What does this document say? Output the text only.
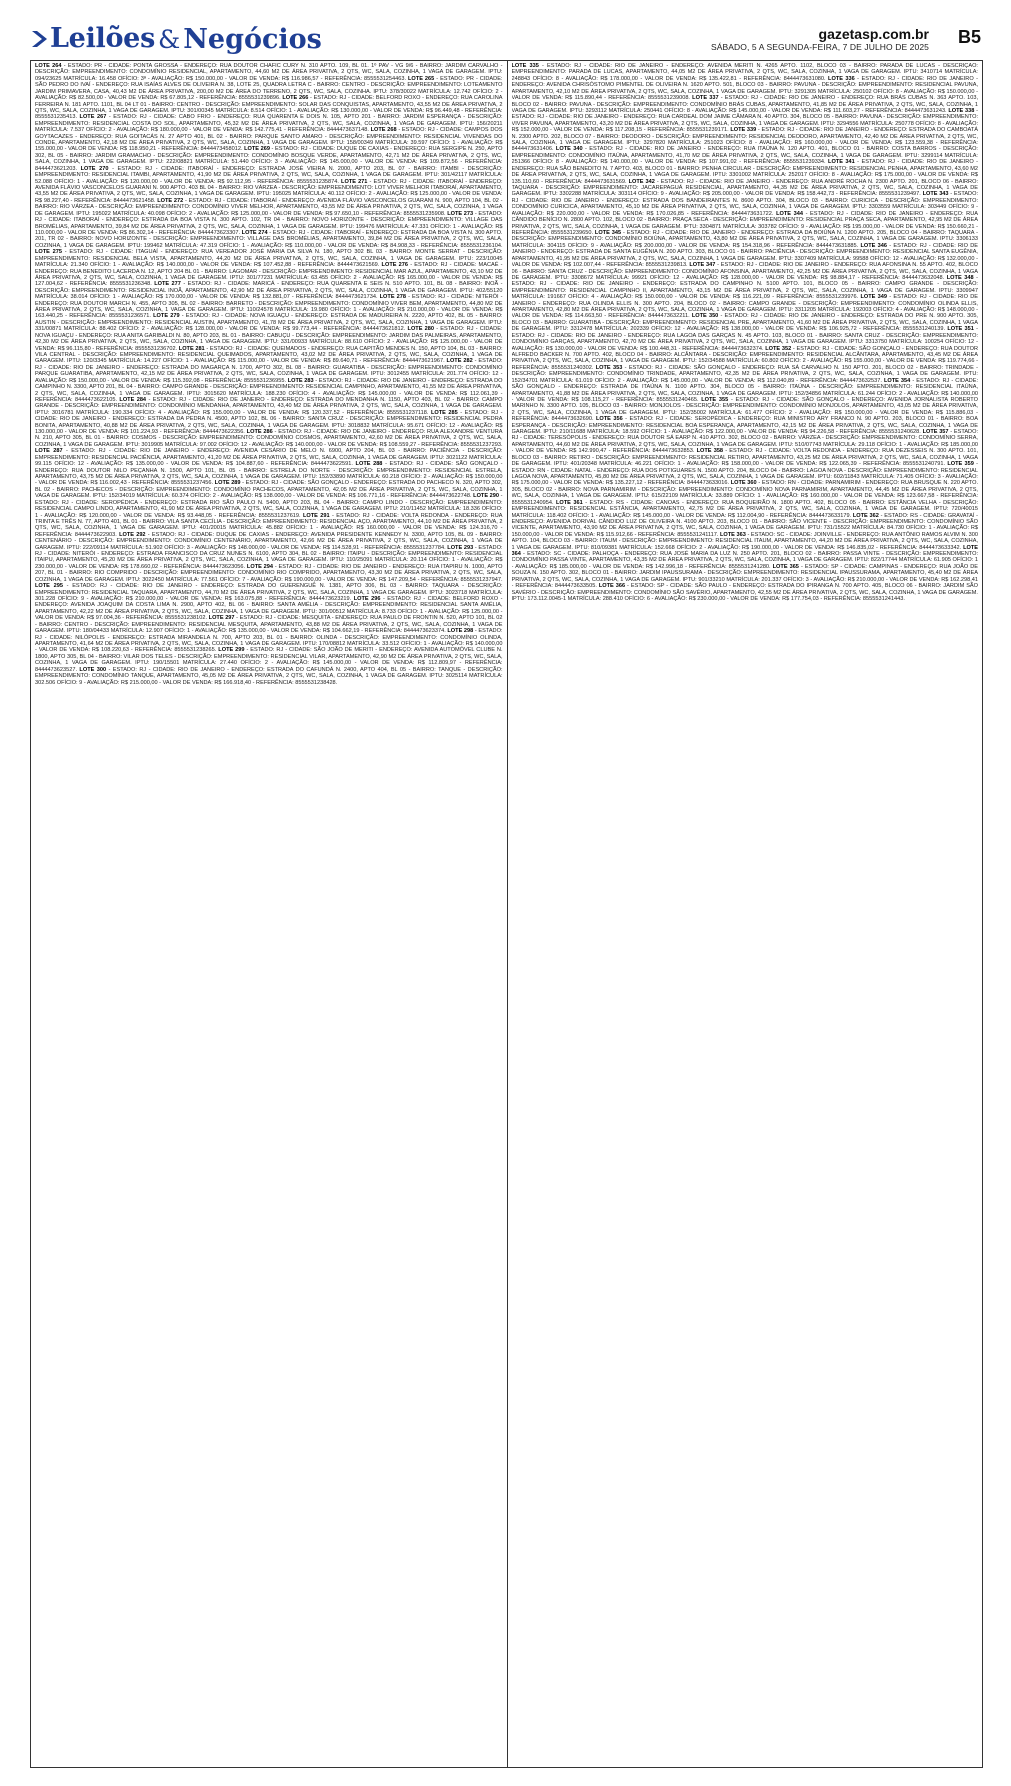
Leilões & Negócios	gazetasp.com.br B5
SÁBADO, 5 A SEGUNDA-FEIRA, 7 DE JULHO DE 2025
LOTE 264 - ESTADO: PR - CIDADE: PONTA GROSSA - ENDEREÇO: RUA DOUTOR CHAFIC CURY N. 310 APTO. 109, BL 01. 1º PAV - VG 9/6 - BAIRRO: JARDIM CARVALHO - DESCRIÇÃO: EMPREENDIMENTO: CONDOMÍNIO RESIDENCIAL, APARTAMENTO, 44,60 M2 DE ÁREA PRIVATIVA, 2 QTS, WC, SALA, COZINHA, 1 VAGA DE GARAGEM. IPTU: 094/23625 MATRÍCULA: 16.458 OFÍCIO: 3ª - AVALIAÇÃO: R$ 150.000,00 - VALOR DE VENDA: R$ 116.986,57 - REFERÊNCIA: 8555531254463. LOTE 265 - ESTADO: PR - CIDADE: SÃO PEDRO DO IVAÍ - ENDEREÇO: RUA ISAÍAS ALVES DE OLIVEIRA N. 38, LOTE 25, QUADRA LETRA C - BAIRRO: CENTRO - DESCRIÇÃO: EMPREENDIMENTO: LOTEAMENTO JARDIM PRIMAVERA, CASA, 40,43 M2 DE ÁREA PRIVATIVA, 200,00 M2 DE ÁREA DO TERRENO, 2 QTS, WC, SALA, COZINHA. IPTU: 378/30022 MATRÍCULA: 12.742 OFÍCIO: 2 - AVALIAÇÃO: R$ 82.500,00 - VALOR DE VENDA: R$ 67.805,12 - REFERÊNCIA: 8555531239896. LOTE 266 - ESTADO: RJ - CIDADE: BELFORD ROXO - ENDEREÇO: RUA CAROLINA FERREIRA N. 181 APTO. 1101, BL 04 LT 01 - BAIRRO: CENTRO - DESCRIÇÃO: EMPREENDIMENTO: SOLAR DAS CONQUISTAS, APARTAMENTO, 43,55 M2 DE ÁREA PRIVATIVA, 2 QTS, WC, SALA, COZINHA, 1 VAGA DE GARAGEM. IPTU: 301/00345 MATRÍCULA: 8.514 OFÍCIO: 1 - AVALIAÇÃO: R$ 130.000,00 - VALOR DE VENDA: R$ 96.449,48 - REFERÊNCIA: 8555531235413. LOTE 267 - ESTADO: RJ - CIDADE: CABO FRIO - ENDEREÇO: RUA QUARENTA E DOIS N. 105, APTO 201 - BAIRRO: JARDIM ESPERANÇA - DESCRIÇÃO: EMPREENDIMENTO: RESIDENCIAL COSTA DO SOL, APARTAMENTO, 45,32 M2 DE ÁREA PRIVATIVA, 2 QTS, WC, SALA, COZINHA, 1 VAGA DE GARAGEM. IPTU: 156/20211 MATRÍCULA: 7.537 OFÍCIO: 2 - AVALIAÇÃO: R$ 180.000,00 - VALOR DE VENDA: R$ 142.775,41 - REFERÊNCIA: 8444473637148. LOTE 268 - ESTADO: RJ - CIDADE: CAMPOS DOS GOYTACAZES - ENDEREÇO: RUA GOITACÁS N. 27 APTO 401, BL 02 - BAIRRO: PARQUE SANTO AMARO - DESCRIÇÃO: EMPREENDIMENTO: RESIDENCIAL VIVENDAS DO CONDE, APARTAMENTO, 42,18 M2 DE ÁREA PRIVATIVA, 2 QTS, WC, SALA, COZINHA, 1 VAGA DE GARAGEM. IPTU: 158/00349 MATRÍCULA: 39.597 OFÍCIO: 1 - AVALIAÇÃO: R$ 155.000,00 - VALOR DE VENDA: R$ 118.950,21 - REFERÊNCIA: 8444473458012. LOTE 269 - ESTADO: RJ - CIDADE: DUQUE DE CAXIAS - ENDEREÇO: RUA SERGIPE N. 250, APTO 302, BL 05 - BAIRRO: JARDIM GRAMACHO - DESCRIÇÃO: EMPREENDIMENTO: CONDOMÍNIO BOSQUE VERDE, APARTAMENTO, 42,71 M2 DE ÁREA PRIVATIVA, 2 QTS, WC, SALA, COZINHA, 1 VAGA DE GARAGEM. IPTU: 222/08821 MATRÍCULA: 51.440 OFÍCIO: 3 - AVALIAÇÃO: R$ 145.000,00 - VALOR DE VENDA: R$ 109.872,56 - REFERÊNCIA: 8444473621203. LOTE 270 - ESTADO: RJ - CIDADE: ITABORAÍ - ENDEREÇO: ESTRADA JOSÉ VIEIRA N. 2000, APTO 203, BL 07 - BAIRRO: ITAMBI - DESCRIÇÃO: EMPREENDIMENTO: RESIDENCIAL ITAMBI, APARTAMENTO, 41,90 M2 DE ÁREA PRIVATIVA, 2 QTS, WC, SALA, COZINHA, 1 VAGA DE GARAGEM. IPTU: 301/42117 MATRÍCULA: 52.088 OFÍCIO: 1 - AVALIAÇÃO: R$ 120.000,00 - VALOR DE VENDA: R$ 92.112,95 - REFERÊNCIA: 8555531235874. LOTE 271 - ESTADO: RJ - CIDADE: ITABORAÍ - ENDEREÇO: AVENIDA FLÁVIO VASCONCELOS GUARANI N. 900 APTO. 403 BL 04 - BAIRRO: RIO VÁRZEA - DESCRIÇÃO: EMPREENDIMENTO: LOT VIVER MELHOR ITABORAÍ, APARTAMENTO, 43,55 M2 DE ÁREA PRIVATIVA, 2 QTS, WC, SALA, COZINHA, 1 VAGA DE GARAGEM. IPTU: 195025 MATRÍCULA: 40.112 OFÍCIO: 2 - AVALIAÇÃO: R$ 125.000,00 - VALOR DE VENDA: R$ 98.227,40 - REFERÊNCIA: 8444473621458. LOTE 272 - ESTADO: RJ - CIDADE: ITABORAÍ - ENDEREÇO: AVENIDA FLÁVIO VASCONCELOS GUARANI N. 900, APTO 104, BL 02 - BAIRRO: RIO VÁRZEA - DESCRIÇÃO: EMPREENDIMENTO: CONDOMÍNIO VIVER MELHOR, APARTAMENTO, 43,55 M2 DE ÁREA PRIVATIVA, 2 QTS, WC, SALA, COZINHA, 1 VAGA DE GARAGEM. IPTU: 195022 MATRÍCULA: 40.098 OFÍCIO: 2 - AVALIAÇÃO: R$ 125.000,00 - VALOR DE VENDA: R$ 97.650,10 - REFERÊNCIA: 8555531235908. LOTE 273 - ESTADO: RJ - CIDADE: ITABORAÍ - ENDEREÇO: ESTRADA DA BOA VISTA N. 300 APTO. 102, TR 04 - BAIRRO: NOVO HORIZONTE - DESCRIÇÃO: EMPREENDIMENTO: VILLAGE DAS BROMÉLIAS, APARTAMENTO, 39,84 M2 DE ÁREA PRIVATIVA, 2 QTS, WC, SALA, COZINHA, 1 VAGA DE GARAGEM. IPTU: 199476 MATRÍCULA: 47.331 OFÍCIO: 1 - AVALIAÇÃO: R$ 110.000,00 - VALOR DE VENDA: R$ 86.302,14 - REFERÊNCIA: 8444473623307. LOTE 274 - ESTADO: RJ - CIDADE: ITABORAÍ - ENDEREÇO: ESTRADA DA BOA VISTA N. 300 APTO. 201, TR 02 - BAIRRO: NOVO HORIZONTE - DESCRIÇÃO: EMPREENDIMENTO: VILLAGE DAS BROMÉLIAS, APARTAMENTO, 39,84 M2 DE ÁREA PRIVATIVA, 2 QTS, WC, SALA, COZINHA, 1 VAGA DE GARAGEM. IPTU: 199462 MATRÍCULA: 47.319 OFÍCIO: 1 - AVALIAÇÃO: R$ 110.000,00 - VALOR DE VENDA: R$ 84.908,33 - REFERÊNCIA: 8555531236104. LOTE 275 - ESTADO: RJ - CIDADE: ITAGUAÍ - ENDEREÇO: RUA VEREADOR JOSÉ MARIA DA SILVA N. 180, APTO 302 BL 03 - BAIRRO: MONTE SERRAT - DESCRIÇÃO: EMPREENDIMENTO: RESIDENCIAL BELA VISTA, APARTAMENTO, 44,20 M2 DE ÁREA PRIVATIVA, 2 QTS, WC, SALA, COZINHA, 1 VAGA DE GARAGEM. IPTU: 223/10045 MATRÍCULA: 21.340 OFÍCIO: 1 - AVALIAÇÃO: R$ 140.000,00 - VALOR DE VENDA: R$ 107.452,88 - REFERÊNCIA: 8444473621569. LOTE 276 - ESTADO: RJ - CIDADE: MACAÉ - ENDEREÇO: RUA BENEDITO LACERDA N. 12, APTO 204 BL 01 - BAIRRO: LAGOMAR - DESCRIÇÃO: EMPREENDIMENTO: RESIDENCIAL MAR AZUL, APARTAMENTO, 43,10 M2 DE ÁREA PRIVATIVA, 2 QTS, WC, SALA, COZINHA, 1 VAGA DE GARAGEM. IPTU: 301/77231 MATRÍCULA: 63.455 OFÍCIO: 2 - AVALIAÇÃO: R$ 165.000,00 - VALOR DE VENDA: R$ 127.004,62 - REFERÊNCIA: 8555531236348. LOTE 277 - ESTADO: RJ - CIDADE: MARICÁ - ENDEREÇO: RUA QUARENTA E SEIS N. 510 APTO. 101, BL 08 - BAIRRO: INOÃ - DESCRIÇÃO: EMPREENDIMENTO: RESIDENCIAL INOÃ, APARTAMENTO, 42,90 M2 DE ÁREA PRIVATIVA, 2 QTS, WC, SALA, COZINHA, 1 VAGA DE GARAGEM. IPTU: 402/55120 MATRÍCULA: 38.014 OFÍCIO: 1 - AVALIAÇÃO: R$ 170.000,00 - VALOR DE VENDA: R$ 132.881,07 - REFERÊNCIA: 8444473621734. LOTE 278 - ESTADO: RJ - CIDADE: NITERÓI - ENDEREÇO: RUA DOUTOR MARCH N. 455, APTO 305, BL 02 - BAIRRO: BARRETO - DESCRIÇÃO: EMPREENDIMENTO: CONDOMÍNIO VIVER BEM, APARTAMENTO, 44,80 M2 DE ÁREA PRIVATIVA, 2 QTS, WC, SALA, COZINHA, 1 VAGA DE GARAGEM. IPTU: 110/24578 MATRÍCULA: 19.980 OFÍCIO: 1 - AVALIAÇÃO: R$ 210.000,00 - VALOR DE VENDA: R$ 163.440,25 - REFERÊNCIA: 8555531236571. LOTE 279 - ESTADO: RJ - CIDADE: NOVA IGUAÇU - ENDEREÇO: ESTRADA DE MADUREIRA N. 2220, APTO 402, BL 05 - BAIRRO: AUSTIN - DESCRIÇÃO: EMPREENDIMENTO: RESIDENCIAL AUSTIN, APARTAMENTO, 41,78 M2 DE ÁREA PRIVATIVA, 2 QTS, WC, SALA, COZINHA, 1 VAGA DE GARAGEM. IPTU: 331/00871 MATRÍCULA: 88.402 OFÍCIO: 2 - AVALIAÇÃO: R$ 128.000,00 - VALOR DE VENDA: R$ 99.773,44 - REFERÊNCIA: 8444473621812. LOTE 280 - ESTADO: RJ - CIDADE: NOVA IGUAÇU - ENDEREÇO: RUA ANITA GARIBALDI N. 80, APTO 203, BL 01 - BAIRRO: CABUÇU - DESCRIÇÃO: EMPREENDIMENTO: JARDIM DAS PALMEIRAS, APARTAMENTO, 42,30 M2 DE ÁREA PRIVATIVA, 2 QTS, WC, SALA, COZINHA, 1 VAGA DE GARAGEM. IPTU: 331/00933 MATRÍCULA: 88.610 OFÍCIO: 2 - AVALIAÇÃO: R$ 125.000,00 - VALOR DE VENDA: R$ 96.115,80 - REFERÊNCIA: 8555531236702. LOTE 281 - ESTADO: RJ - CIDADE: QUEIMADOS - ENDEREÇO: RUA CAPITÃO MENDES N. 150, APTO 104, BL 03 - BAIRRO: VILA CENTRAL - DESCRIÇÃO: EMPREENDIMENTO: RESIDENCIAL QUEIMADOS, APARTAMENTO, 43,02 M2 DE ÁREA PRIVATIVA, 2 QTS, WC, SALA, COZINHA, 1 VAGA DE GARAGEM. IPTU: 120/3345 MATRÍCULA: 14.227 OFÍCIO: 1 - AVALIAÇÃO: R$ 115.000,00 - VALOR DE VENDA: R$ 89.640,71 - REFERÊNCIA: 8444473621967. LOTE 282 - ESTADO: RJ - CIDADE: RIO DE JANEIRO - ENDEREÇO: ESTRADA DO MAGARÇA N. 1700, APTO 302, BL 08 - BAIRRO: GUARATIBA - DESCRIÇÃO: EMPREENDIMENTO: CONDOMÍNIO PARQUE GUARATIBA, APARTAMENTO, 42,15 M2 DE ÁREA PRIVATIVA, 2 QTS, WC, SALA, COZINHA, 1 VAGA DE GARAGEM. IPTU: 3012455 MATRÍCULA: 201.774 OFÍCIO: 12 - AVALIAÇÃO: R$ 150.000,00 - VALOR DE VENDA: R$ 115.392,08 - REFERÊNCIA: 8555531236955. LOTE 283 - ESTADO: RJ - CIDADE: RIO DE JANEIRO - ENDEREÇO: ESTRADA DO CAMPINHO N. 3300, APTO 201, BL 04 - BAIRRO: CAMPO GRANDE - DESCRIÇÃO: EMPREENDIMENTO: RESIDENCIAL CAMPINHO, APARTAMENTO, 41,55 M2 DE ÁREA PRIVATIVA, 2 QTS, WC, SALA, COZINHA, 1 VAGA DE GARAGEM. IPTU: 3015620 MATRÍCULA: 188.230 OFÍCIO: 4 - AVALIAÇÃO: R$ 145.000,00 - VALOR DE VENDA: R$ 112.061,39 - REFERÊNCIA: 8444473622105. LOTE 284 - ESTADO: RJ - CIDADE: RIO DE JANEIRO - ENDEREÇO: ESTRADA DO MENDANHA N. 1150, APTO 403, BL 02 - BAIRRO: CAMPO GRANDE - DESCRIÇÃO: EMPREENDIMENTO: CONDOMÍNIO MENDANHA, APARTAMENTO, 43,40 M2 DE ÁREA PRIVATIVA, 2 QTS, WC, SALA, COZINHA, 1 VAGA DE GARAGEM. IPTU: 3016781 MATRÍCULA: 190.334 OFÍCIO: 4 - AVALIAÇÃO: R$ 155.000,00 - VALOR DE VENDA: R$ 120.337,52 - REFERÊNCIA: 8555531237118. LOTE 285 - ESTADO: RJ - CIDADE: RIO DE JANEIRO - ENDEREÇO: ESTRADA DA PEDRA N. 4500, APTO 102, BL 06 - BAIRRO: SANTA CRUZ - DESCRIÇÃO: EMPREENDIMENTO: RESIDENCIAL PEDRA BONITA, APARTAMENTO, 40,88 M2 DE ÁREA PRIVATIVA, 2 QTS, WC, SALA, COZINHA, 1 VAGA DE GARAGEM. IPTU: 3018832 MATRÍCULA: 95.671 OFÍCIO: 12 - AVALIAÇÃO: R$ 130.000,00 - VALOR DE VENDA: R$ 101.224,93 - REFERÊNCIA: 8444473622356. LOTE 286 - ESTADO: RJ - CIDADE: RIO DE JANEIRO - ENDEREÇO: RUA ALEXANDRE VENTURA N. 210, APTO 305, BL 01 - BAIRRO: COSMOS - DESCRIÇÃO: EMPREENDIMENTO: CONDOMÍNIO COSMOS, APARTAMENTO, 42,60 M2 DE ÁREA PRIVATIVA, 2 QTS, WC, SALA, COZINHA, 1 VAGA DE GARAGEM. IPTU: 3019905 MATRÍCULA: 97.002 OFÍCIO: 12 - AVALIAÇÃO: R$ 140.000,00 - VALOR DE VENDA: R$ 108.559,27 - REFERÊNCIA: 8555531237293. LOTE 287 - ESTADO: RJ - CIDADE: RIO DE JANEIRO - ENDEREÇO: AVENIDA CESÁRIO DE MELO N. 6900, APTO 204, BL 03 - BAIRRO: PACIÊNCIA - DESCRIÇÃO: EMPREENDIMENTO: RESIDENCIAL PACIÊNCIA, APARTAMENTO, 41,20 M2 DE ÁREA PRIVATIVA, 2 QTS, WC, SALA, COZINHA, 1 VAGA DE GARAGEM. IPTU: 3021122 MATRÍCULA: 99.115 OFÍCIO: 12 - AVALIAÇÃO: R$ 135.000,00 - VALOR DE VENDA: R$ 104.887,60 - REFERÊNCIA: 8444473622591. LOTE 288 - ESTADO: RJ - CIDADE: SÃO GONÇALO - ENDEREÇO: RUA DOUTOR NILO PEÇANHA N. 1500, APTO 101, BL 05 - BAIRRO: ESTRELA DO NORTE - DESCRIÇÃO: EMPREENDIMENTO: RESIDENCIAL ESTRELA, APARTAMENTO, 43,75 M2 DE ÁREA PRIVATIVA, 2 QTS, WC, SALA, COZINHA, 1 VAGA DE GARAGEM. IPTU: 152/33890 MATRÍCULA: 60.218 OFÍCIO: 2 - AVALIAÇÃO: R$ 150.000,00 - VALOR DE VENDA: R$ 116.002,43 - REFERÊNCIA: 8555531237456. LOTE 289 - ESTADO: RJ - CIDADE: SÃO GONÇALO - ENDEREÇO: ESTRADA DO PACHECO N. 320, APTO 302, BL 02 - BAIRRO: PACHECOS - DESCRIÇÃO: EMPREENDIMENTO: CONDOMÍNIO PACHECOS, APARTAMENTO, 42,05 M2 DE ÁREA PRIVATIVA, 2 QTS, WC, SALA, COZINHA, 1 VAGA DE GARAGEM. IPTU: 152/34019 MATRÍCULA: 60.374 OFÍCIO: 2 - AVALIAÇÃO: R$ 138.000,00 - VALOR DE VENDA: R$ 106.771,16 - REFERÊNCIA: 8444473622748. LOTE 290 - ESTADO: RJ - CIDADE: SEROPÉDICA - ENDEREÇO: ESTRADA RIO SÃO PAULO N. 5400, APTO 203, BL 04 - BAIRRO: CAMPO LINDO - DESCRIÇÃO: EMPREENDIMENTO: RESIDENCIAL CAMPO LINDO, APARTAMENTO, 41,90 M2 DE ÁREA PRIVATIVA, 2 QTS, WC, SALA, COZINHA, 1 VAGA DE GARAGEM. IPTU: 210/11452 MATRÍCULA: 18.336 OFÍCIO: 1 - AVALIAÇÃO: R$ 120.000,00 - VALOR DE VENDA: R$ 93.448,05 - REFERÊNCIA: 8555531237619. LOTE 291 - ESTADO: RJ - CIDADE: VOLTA REDONDA - ENDEREÇO: RUA TRINTA E TRÊS N. 77, APTO 401, BL 01 - BAIRRO: VILA SANTA CECÍLIA - DESCRIÇÃO: EMPREENDIMENTO: RESIDENCIAL AÇO, APARTAMENTO, 44,10 M2 DE ÁREA PRIVATIVA, 2 QTS, WC, SALA, COZINHA, 1 VAGA DE GARAGEM. IPTU: 401/20015 MATRÍCULA: 45.882 OFÍCIO: 1 - AVALIAÇÃO: R$ 160.000,00 - VALOR DE VENDA: R$ 124.316,70 - REFERÊNCIA: 8444473622903. LOTE 292 - ESTADO: RJ - CIDADE: DUQUE DE CAXIAS - ENDEREÇO: AVENIDA PRESIDENTE KENNEDY N. 3300, APTO 105, BL 09 - BAIRRO: CENTENÁRIO - DESCRIÇÃO: EMPREENDIMENTO: CONDOMÍNIO CENTENÁRIO, APARTAMENTO, 42,66 M2 DE ÁREA PRIVATIVA, 2 QTS, WC, SALA, COZINHA, 1 VAGA DE GARAGEM. IPTU: 222/09114 MATRÍCULA: 51.902 OFÍCIO: 3 - AVALIAÇÃO: R$ 148.000,00 - VALOR DE VENDA: R$ 114.528,91 - REFERÊNCIA: 8555531237784. LOTE 293 - ESTADO: RJ - CIDADE: NITERÓI - ENDEREÇO: ESTRADA FRANCISCO DA CRUZ NUNES N. 6100, APTO 304, BL 02 - BAIRRO: ITAIPU - DESCRIÇÃO: EMPREENDIMENTO: RESIDENCIAL ITAIPU, APARTAMENTO, 45,20 M2 DE ÁREA PRIVATIVA, 2 QTS, WC, SALA, COZINHA, 1 VAGA DE GARAGEM. IPTU: 110/25091 MATRÍCULA: 20.114 OFÍCIO: 1 - AVALIAÇÃO: R$ 230.000,00 - VALOR DE VENDA: R$ 178.660,02 - REFERÊNCIA: 8444473623056. LOTE 294 - ESTADO: RJ - CIDADE: RIO DE JANEIRO - ENDEREÇO: RUA ITAPIRU N. 1000, APTO 207, BL 01 - BAIRRO: RIO COMPRIDO - DESCRIÇÃO: EMPREENDIMENTO: CONDOMÍNIO RIO COMPRIDO, APARTAMENTO, 43,30 M2 DE ÁREA PRIVATIVA, 2 QTS, WC, SALA, COZINHA, 1 VAGA DE GARAGEM. IPTU: 3022450 MATRÍCULA: 77.561 OFÍCIO: 7 - AVALIAÇÃO: R$ 190.000,00 - VALOR DE VENDA: R$ 147.209,54 - REFERÊNCIA: 8555531237947. LOTE 295 - ESTADO: RJ - CIDADE: RIO DE JANEIRO - ENDEREÇO: ESTRADA DO GUERENGUÊ N. 1381, APTO 306, BL 03 - BAIRRO: TAQUARA - DESCRIÇÃO: EMPREENDIMENTO: RESIDENCIAL TAQUARA, APARTAMENTO, 44,70 M2 DE ÁREA PRIVATIVA, 2 QTS, WC, SALA, COZINHA, 1 VAGA DE GARAGEM. IPTU: 3023718 MATRÍCULA: 301.228 OFÍCIO: 9 - AVALIAÇÃO: R$ 210.000,00 - VALOR DE VENDA: R$ 163.075,88 - REFERÊNCIA: 8444473623219. LOTE 296 - ESTADO: RJ - CIDADE: BELFORD ROXO - ENDEREÇO: AVENIDA JOAQUIM DA COSTA LIMA N. 2900, APTO 402, BL 06 - BAIRRO: SANTA AMÉLIA - DESCRIÇÃO: EMPREENDIMENTO: RESIDENCIAL SANTA AMÉLIA, APARTAMENTO, 42,22 M2 DE ÁREA PRIVATIVA, 2 QTS, WC, SALA, COZINHA, 1 VAGA DE GARAGEM. IPTU: 301/00512 MATRÍCULA: 8.733 OFÍCIO: 1 - AVALIAÇÃO: R$ 125.000,00 - VALOR DE VENDA: R$ 97.004,36 - REFERÊNCIA: 8555531238102. LOTE 297 - ESTADO: RJ - CIDADE: MESQUITA - ENDEREÇO: RUA PAULO DE FRONTIN N. 520, APTO 101, BL 02 - BAIRRO: CENTRO - DESCRIÇÃO: EMPREENDIMENTO: RESIDENCIAL MESQUITA, APARTAMENTO, 43,88 M2 DE ÁREA PRIVATIVA, 2 QTS, WC, SALA, COZINHA, 1 VAGA DE GARAGEM. IPTU: 180/04433 MATRÍCULA: 12.907 OFÍCIO: 1 - AVALIAÇÃO: R$ 135.000,00 - VALOR DE VENDA: R$ 104.662,19 - REFERÊNCIA: 8444473623374. LOTE 298 - ESTADO: RJ - CIDADE: NILÓPOLIS - ENDEREÇO: ESTRADA MIRANDELA N. 700, APTO 203, BL 01 - BAIRRO: OLINDA - DESCRIÇÃO: EMPREENDIMENTO: CONDOMÍNIO OLINDA, APARTAMENTO, 41,64 M2 DE ÁREA PRIVATIVA, 2 QTS, WC, SALA, COZINHA, 1 VAGA DE GARAGEM. IPTU: 170/08812 MATRÍCULA: 33.512 OFÍCIO: 1 - AVALIAÇÃO: R$ 140.000,00 - VALOR DE VENDA: R$ 108.220,63 - REFERÊNCIA: 8555531238265. LOTE 299 - ESTADO: RJ - CIDADE: SÃO JOÃO DE MERITI - ENDEREÇO: AVENIDA AUTOMÓVEL CLUBE N. 1800, APTO 305, BL 04 - BAIRRO: VILAR DOS TELES - DESCRIÇÃO: EMPREENDIMENTO: RESIDENCIAL VILAR, APARTAMENTO, 42,90 M2 DE ÁREA PRIVATIVA, 2 QTS, WC, SALA, COZINHA, 1 VAGA DE GARAGEM. IPTU: 190/15501 MATRÍCULA: 27.440 OFÍCIO: 2 - AVALIAÇÃO: R$ 145.000,00 - VALOR DE VENDA: R$ 112.809,97 - REFERÊNCIA: 8444473623527. LOTE 300 - ESTADO: RJ - CIDADE: RIO DE JANEIRO - ENDEREÇO: ESTRADA DO CAFUNDÁ N. 2400, APTO 404, BL 05 - BAIRRO: TANQUE - DESCRIÇÃO: EMPREENDIMENTO: CONDOMÍNIO TANQUE, APARTAMENTO, 45,05 M2 DE ÁREA PRIVATIVA, 2 QTS, WC, SALA, COZINHA, 1 VAGA DE GARAGEM. IPTU: 3025114 MATRÍCULA: 302.506 OFÍCIO: 9 - AVALIAÇÃO: R$ 215.000,00 - VALOR DE VENDA: R$ 166.918,40 - REFERÊNCIA: 8555531238428.
LOTE 335 - ESTADO: RJ - CIDADE: RIO DE JANEIRO - ENDEREÇO: AVENIDA MERITI N. 4265 APTO. 1102, BLOCO 03 - BAIRRO: PARADA DE LUCAS - DESCRIÇÃO: EMPREENDIMENTO: PARADA DE LUCAS, APARTAMENTO, 44,05 M2 DE ÁREA PRIVATIVA, 2 QTS, WC, SALA, COZINHA, 1 VAGA DE GARAGEM. IPTU: 3410714 MATRÍCULA: 248843 OFÍCIO: 8 - AVALIAÇÃO: R$ 178.000,00 - VALOR DE VENDA: R$ 135.422,81 - REFERÊNCIA: 8444473631080. LOTE 336 - ESTADO: RJ - CIDADE: RIO DE JANEIRO - ENDEREÇO: AVENIDA CHRISÓSTOMO PIMENTEL DE OLIVEIRA N. 1620 APTO. 501, BLOCO 03 - BAIRRO: PAVUNA - DESCRIÇÃO: EMPREENDIMENTO: RESIDENCIAL PAVUNA, APARTAMENTO, 42,10 M2 DE ÁREA PRIVATIVA, 2 QTS, WC, SALA, COZINHA, 1 VAGA DE GARAGEM. IPTU: 3291305 MATRÍCULA: 250102 OFÍCIO: 8 - AVALIAÇÃO: R$ 150.000,00 - VALOR DE VENDA: R$ 115.890,44 - REFERÊNCIA: 8555531239008. LOTE 337 - ESTADO: RJ - CIDADE: RIO DE JANEIRO - ENDEREÇO: RUA BRÁS CUBAS N. 363 APTO. 103, BLOCO 02 - BAIRRO: PAVUNA - DESCRIÇÃO: EMPREENDIMENTO: CONDOMÍNIO BRÁS CUBAS, APARTAMENTO, 41,85 M2 DE ÁREA PRIVATIVA, 2 QTS, WC, SALA, COZINHA, 1 VAGA DE GARAGEM. IPTU: 3293112 MATRÍCULA: 250441 OFÍCIO: 8 - AVALIAÇÃO: R$ 145.000,00 - VALOR DE VENDA: R$ 111.603,27 - REFERÊNCIA: 8444473631243. LOTE 338 - ESTADO: RJ - CIDADE: RIO DE JANEIRO - ENDEREÇO: RUA CARDEAL DOM JAIME CÂMARA N. 40 APTO. 304, BLOCO 05 - BAIRRO: PAVUNA - DESCRIÇÃO: EMPREENDIMENTO: VIVER PAVUNA, APARTAMENTO, 43,20 M2 DE ÁREA PRIVATIVA, 2 QTS, WC, SALA, COZINHA, 1 VAGA DE GARAGEM. IPTU: 3294556 MATRÍCULA: 250778 OFÍCIO: 8 - AVALIAÇÃO: R$ 152.000,00 - VALOR DE VENDA: R$ 117.208,15 - REFERÊNCIA: 8555531239171. LOTE 339 - ESTADO: RJ - CIDADE: RIO DE JANEIRO - ENDEREÇO: ESTRADA DO CAMBOATÁ N. 2300 APTO. 202, BLOCO 07 - BAIRRO: DEODORO - DESCRIÇÃO: EMPREENDIMENTO: RESIDENCIAL DEODORO, APARTAMENTO, 42,40 M2 DE ÁREA PRIVATIVA, 2 QTS, WC, SALA, COZINHA, 1 VAGA DE GARAGEM. IPTU: 3297820 MATRÍCULA: 251023 OFÍCIO: 8 - AVALIAÇÃO: R$ 160.000,00 - VALOR DE VENDA: R$ 123.559,38 - REFERÊNCIA: 8444473631406. LOTE 340 - ESTADO: RJ - CIDADE: RIO DE JANEIRO - ENDEREÇO: RUA ITAÚNA N. 120 APTO. 401, BLOCO 01 - BAIRRO: COSTA BARROS - DESCRIÇÃO: EMPREENDIMENTO: CONDOMÍNIO ITAÚNA, APARTAMENTO, 41,70 M2 DE ÁREA PRIVATIVA, 2 QTS, WC, SALA, COZINHA, 1 VAGA DE GARAGEM. IPTU: 3299114 MATRÍCULA: 251366 OFÍCIO: 8 - AVALIAÇÃO: R$ 140.000,00 - VALOR DE VENDA: R$ 107.991,02 - REFERÊNCIA: 8555531239334. LOTE 341 - ESTADO: RJ - CIDADE: RIO DE JANEIRO - ENDEREÇO: RUA SÃO BENEDITO N. 7 APTO. 403, BLOCO 01 - BAIRRO: PENHA CIRCULAR - DESCRIÇÃO: EMPREENDIMENTO: RESIDENCIAL PENHA, APARTAMENTO, 43,60 M2 DE ÁREA PRIVATIVA, 2 QTS, WC, SALA, COZINHA, 1 VAGA DE GARAGEM. IPTU: 3301002 MATRÍCULA: 252017 OFÍCIO: 8 - AVALIAÇÃO: R$ 175.000,00 - VALOR DE VENDA: R$ 135.110,60 - REFERÊNCIA: 8444473631569. LOTE 342 - ESTADO: RJ - CIDADE: RIO DE JANEIRO - ENDEREÇO: RUA ANDRÉ ROCHA N. 2300 APTO. 201, BLOCO 06 - BAIRRO: TAQUARA - DESCRIÇÃO: EMPREENDIMENTO: JACAREPAGUÁ RESIDENCIAL, APARTAMENTO, 44,35 M2 DE ÁREA PRIVATIVA, 2 QTS, WC, SALA, COZINHA, 1 VAGA DE GARAGEM. IPTU: 3302288 MATRÍCULA: 303114 OFÍCIO: 9 - AVALIAÇÃO: R$ 205.000,00 - VALOR DE VENDA: R$ 158.442,73 - REFERÊNCIA: 8555531239497. LOTE 343 - ESTADO: RJ - CIDADE: RIO DE JANEIRO - ENDEREÇO: ESTRADA DOS BANDEIRANTES N. 8600 APTO. 304, BLOCO 03 - BAIRRO: CURICICA - DESCRIÇÃO: EMPREENDIMENTO: CONDOMÍNIO CURICICA, APARTAMENTO, 45,10 M2 DE ÁREA PRIVATIVA, 2 QTS, WC, SALA, COZINHA, 1 VAGA DE GARAGEM. IPTU: 3303559 MATRÍCULA: 303449 OFÍCIO: 9 - AVALIAÇÃO: R$ 220.000,00 - VALOR DE VENDA: R$ 170.026,85 - REFERÊNCIA: 8444473631722. LOTE 344 - ESTADO: RJ - CIDADE: RIO DE JANEIRO - ENDEREÇO: RUA CÂNDIDO BENÍCIO N. 2800 APTO. 102, BLOCO 02 - BAIRRO: PRAÇA SECA - DESCRIÇÃO: EMPREENDIMENTO: RESIDENCIAL PRAÇA SECA, APARTAMENTO, 42,95 M2 DE ÁREA PRIVATIVA, 2 QTS, WC, SALA, COZINHA, 1 VAGA DE GARAGEM. IPTU: 3304871 MATRÍCULA: 303782 OFÍCIO: 9 - AVALIAÇÃO: R$ 195.000,00 - VALOR DE VENDA: R$ 150.660,21 - REFERÊNCIA: 8555531239650. LOTE 345 - ESTADO: RJ - CIDADE: RIO DE JANEIRO - ENDEREÇO: ESTRADA DA BOIÚNA N. 1200 APTO. 205, BLOCO 04 - BAIRRO: TAQUARA - DESCRIÇÃO: EMPREENDIMENTO: CONDOMÍNIO BOIÚNA, APARTAMENTO, 43,80 M2 DE ÁREA PRIVATIVA, 2 QTS, WC, SALA, COZINHA, 1 VAGA DE GARAGEM. IPTU: 3306133 MATRÍCULA: 304115 OFÍCIO: 9 - AVALIAÇÃO: R$ 200.000,00 - VALOR DE VENDA: R$ 154.318,96 - REFERÊNCIA: 8444473631885. LOTE 346 - ESTADO: RJ - CIDADE: RIO DE JANEIRO - ENDEREÇO: ESTRADA DE SANTA EUGÊNIA N. 200 APTO. 303, BLOCO 01 - BAIRRO: PACIÊNCIA - DESCRIÇÃO: EMPREENDIMENTO: RESIDENCIAL SANTA EUGÊNIA, APARTAMENTO, 41,95 M2 DE ÁREA PRIVATIVA, 2 QTS, WC, SALA, COZINHA, 1 VAGA DE GARAGEM. IPTU: 3307409 MATRÍCULA: 99588 OFÍCIO: 12 - AVALIAÇÃO: R$ 132.000,00 - VALOR DE VENDA: R$ 102.007,44 - REFERÊNCIA: 8555531239813. LOTE 347 - ESTADO: RJ - CIDADE: RIO DE JANEIRO - ENDEREÇO: RUA AFONSINA N. 55 APTO. 402, BLOCO 06 - BAIRRO: SANTA CRUZ - DESCRIÇÃO: EMPREENDIMENTO: CONDOMÍNIO AFONSINA, APARTAMENTO, 42,25 M2 DE ÁREA PRIVATIVA, 2 QTS, WC, SALA, COZINHA, 1 VAGA DE GARAGEM. IPTU: 3308672 MATRÍCULA: 99921 OFÍCIO: 12 - AVALIAÇÃO: R$ 128.000,00 - VALOR DE VENDA: R$ 98.884,17 - REFERÊNCIA: 8444473632048. LOTE 348 - ESTADO: RJ - CIDADE: RIO DE JANEIRO - ENDEREÇO: ESTRADA DO CAMPINHO N. 5100 APTO. 101, BLOCO 05 - BAIRRO: CAMPO GRANDE - DESCRIÇÃO: EMPREENDIMENTO: RESIDENCIAL CAMPINHO II, APARTAMENTO, 43,15 M2 DE ÁREA PRIVATIVA, 2 QTS, WC, SALA, COZINHA, 1 VAGA DE GARAGEM. IPTU: 3309947 MATRÍCULA: 191667 OFÍCIO: 4 - AVALIAÇÃO: R$ 150.000,00 - VALOR DE VENDA: R$ 116.221,09 - REFERÊNCIA: 8555531239976. LOTE 349 - ESTADO: RJ - CIDADE: RIO DE JANEIRO - ENDEREÇO: RUA OLINDA ELLIS N. 300 APTO. 204, BLOCO 02 - BAIRRO: CAMPO GRANDE - DESCRIÇÃO: EMPREENDIMENTO: CONDOMÍNIO OLINDA ELLIS, APARTAMENTO, 42,80 M2 DE ÁREA PRIVATIVA, 2 QTS, WC, SALA, COZINHA, 1 VAGA DE GARAGEM. IPTU: 3311205 MATRÍCULA: 192003 OFÍCIO: 4 - AVALIAÇÃO: R$ 148.000,00 - VALOR DE VENDA: R$ 114.663,50 - REFERÊNCIA: 8444473632211. LOTE 350 - ESTADO: RJ - CIDADE: RIO DE JANEIRO - ENDEREÇO: ESTRADA DO PRE N. 900 APTO. 305, BLOCO 03 - BAIRRO: GUARATIBA - DESCRIÇÃO: EMPREENDIMENTO: RESIDENCIAL PRE, APARTAMENTO, 41,60 M2 DE ÁREA PRIVATIVA, 2 QTS, WC, SALA, COZINHA, 1 VAGA DE GARAGEM. IPTU: 3312478 MATRÍCULA: 202339 OFÍCIO: 12 - AVALIAÇÃO: R$ 138.000,00 - VALOR DE VENDA: R$ 106.925,72 - REFERÊNCIA: 8555531240139. LOTE 351 - ESTADO: RJ - CIDADE: RIO DE JANEIRO - ENDEREÇO: RUA LAGOA DAS GARÇAS N. 45 APTO. 103, BLOCO 01 - BAIRRO: SANTA CRUZ - DESCRIÇÃO: EMPREENDIMENTO: CONDOMÍNIO GARÇAS, APARTAMENTO, 42,70 M2 DE ÁREA PRIVATIVA, 2 QTS, WC, SALA, COZINHA, 1 VAGA DE GARAGEM. IPTU: 3313750 MATRÍCULA: 100254 OFÍCIO: 12 - AVALIAÇÃO: R$ 130.000,00 - VALOR DE VENDA: R$ 100.448,31 - REFERÊNCIA: 8444473632374. LOTE 352 - ESTADO: RJ - CIDADE: SÃO GONÇALO - ENDEREÇO: RUA DOUTOR ALFREDO BACKER N. 700 APTO. 402, BLOCO 04 - BAIRRO: ALCÂNTARA - DESCRIÇÃO: EMPREENDIMENTO: RESIDENCIAL ALCÂNTARA, APARTAMENTO, 43,45 M2 DE ÁREA PRIVATIVA, 2 QTS, WC, SALA, COZINHA, 1 VAGA DE GARAGEM. IPTU: 152/34588 MATRÍCULA: 60.802 OFÍCIO: 2 - AVALIAÇÃO: R$ 155.000,00 - VALOR DE VENDA: R$ 119.774,66 - REFERÊNCIA: 8555531240302. LOTE 353 - ESTADO: RJ - CIDADE: SÃO GONÇALO - ENDEREÇO: RUA SÁ CARVALHO N. 150 APTO. 201, BLOCO 02 - BAIRRO: TRINDADE - DESCRIÇÃO: EMPREENDIMENTO: CONDOMÍNIO TRINDADE, APARTAMENTO, 42,35 M2 DE ÁREA PRIVATIVA, 2 QTS, WC, SALA, COZINHA, 1 VAGA DE GARAGEM. IPTU: 152/34701 MATRÍCULA: 61.019 OFÍCIO: 2 - AVALIAÇÃO: R$ 145.000,00 - VALOR DE VENDA: R$ 112.040,89 - REFERÊNCIA: 8444473632537. LOTE 354 - ESTADO: RJ - CIDADE: SÃO GONÇALO - ENDEREÇO: ESTRADA DE ITAÚNA N. 1100 APTO. 304, BLOCO 05 - BAIRRO: ITAÚNA - DESCRIÇÃO: EMPREENDIMENTO: RESIDENCIAL ITAÚNA, APARTAMENTO, 41,88 M2 DE ÁREA PRIVATIVA, 2 QTS, WC, SALA, COZINHA, 1 VAGA DE GARAGEM. IPTU: 152/34856 MATRÍCULA: 61.244 OFÍCIO: 2 - AVALIAÇÃO: R$ 140.000,00 - VALOR DE VENDA: R$ 108.115,27 - REFERÊNCIA: 8555531240465. LOTE 355 - ESTADO: RJ - CIDADE: SÃO GONÇALO - ENDEREÇO: AVENIDA JORNALISTA ROBERTO MARINHO N. 3300 APTO. 105, BLOCO 03 - BAIRRO: MONJOLOS - DESCRIÇÃO: EMPREENDIMENTO: CONDOMÍNIO MONJOLOS, APARTAMENTO, 43,05 M2 DE ÁREA PRIVATIVA, 2 QTS, WC, SALA, COZINHA, 1 VAGA DE GARAGEM. IPTU: 152/35002 MATRÍCULA: 61.477 OFÍCIO: 2 - AVALIAÇÃO: R$ 150.000,00 - VALOR DE VENDA: R$ 115.886,03 - REFERÊNCIA: 8444473632690. LOTE 356 - ESTADO: RJ - CIDADE: SEROPÉDICA - ENDEREÇO: RUA MINISTRO ARY FRANCO N. 90 APTO. 203, BLOCO 01 - BAIRRO: BOA ESPERANÇA - DESCRIÇÃO: EMPREENDIMENTO: RESIDENCIAL BOA ESPERANÇA, APARTAMENTO, 42,15 M2 DE ÁREA PRIVATIVA, 2 QTS, WC, SALA, COZINHA, 1 VAGA DE GARAGEM. IPTU: 210/11688 MATRÍCULA: 18.592 OFÍCIO: 1 - AVALIAÇÃO: R$ 122.000,00 - VALOR DE VENDA: R$ 94.226,58 - REFERÊNCIA: 8555531240628. LOTE 357 - ESTADO: RJ - CIDADE: TERESÓPOLIS - ENDEREÇO: RUA DOUTOR SÁ EARP N. 410 APTO. 302, BLOCO 02 - BAIRRO: VÁRZEA - DESCRIÇÃO: EMPREENDIMENTO: CONDOMÍNIO SERRA, APARTAMENTO, 44,60 M2 DE ÁREA PRIVATIVA, 2 QTS, WC, SALA, COZINHA, 1 VAGA DE GARAGEM. IPTU: 510/07743 MATRÍCULA: 29.118 OFÍCIO: 1 - AVALIAÇÃO: R$ 185.000,00 - VALOR DE VENDA: R$ 142.990,47 - REFERÊNCIA: 8444473632853. LOTE 358 - ESTADO: RJ - CIDADE: VOLTA REDONDA - ENDEREÇO: RUA DEZESSEIS N. 300 APTO. 101, BLOCO 03 - BAIRRO: RETIRO - DESCRIÇÃO: EMPREENDIMENTO: RESIDENCIAL RETIRO, APARTAMENTO, 43,25 M2 DE ÁREA PRIVATIVA, 2 QTS, WC, SALA, COZINHA, 1 VAGA DE GARAGEM. IPTU: 401/20348 MATRÍCULA: 46.221 OFÍCIO: 1 - AVALIAÇÃO: R$ 158.000,00 - VALOR DE VENDA: R$ 122.065,39 - REFERÊNCIA: 8555531240791. LOTE 359 - ESTADO: RN - CIDADE: NATAL - ENDEREÇO: RUA DOS POTIGUARES N. 1500 APTO. 204, BLOCO 04 - BAIRRO: LAGOA NOVA - DESCRIÇÃO: EMPREENDIMENTO: RESIDENCIAL LAGOA NOVA, APARTAMENTO, 45,80 M2 DE ÁREA PRIVATIVA, 2 QTS, WC, SALA, COZINHA, 1 VAGA DE GARAGEM. IPTU: 602/11843 MATRÍCULA: 71.405 OFÍCIO: 3 - AVALIAÇÃO: R$ 175.000,00 - VALOR DE VENDA: R$ 135.227,12 - REFERÊNCIA: 8444473633016. LOTE 360 - ESTADO: RN - CIDADE: PARNAMIRIM - ENDEREÇO: RUA BRUSQUE N. 220 APTO. 305, BLOCO 02 - BAIRRO: NOVA PARNAMIRIM - DESCRIÇÃO: EMPREENDIMENTO: CONDOMÍNIO NOVA PARNAMIRIM, APARTAMENTO, 44,45 M2 DE ÁREA PRIVATIVA, 2 QTS, WC, SALA, COZINHA, 1 VAGA DE GARAGEM. IPTU: 615/22109 MATRÍCULA: 33.889 OFÍCIO: 1 - AVALIAÇÃO: R$ 160.000,00 - VALOR DE VENDA: R$ 123.667,58 - REFERÊNCIA: 8555531240954. LOTE 361 - ESTADO: RS - CIDADE: CANOAS - ENDEREÇO: RUA BOQUEIRÃO N. 1800 APTO. 402, BLOCO 05 - BAIRRO: ESTÂNCIA VELHA - DESCRIÇÃO: EMPREENDIMENTO: RESIDENCIAL ESTÂNCIA, APARTAMENTO, 42,75 M2 DE ÁREA PRIVATIVA, 2 QTS, WC, SALA, COZINHA, 1 VAGA DE GARAGEM. IPTU: 720/40015 MATRÍCULA: 118.402 OFÍCIO: 1 - AVALIAÇÃO: R$ 145.000,00 - VALOR DE VENDA: R$ 112.004,90 - REFERÊNCIA: 8444473633179. LOTE 362 - ESTADO: RS - CIDADE: GRAVATAÍ - ENDEREÇO: AVENIDA DORIVAL CÂNDIDO LUZ DE OLIVEIRA N. 4100 APTO. 203, BLOCO 01 - BAIRRO: SÃO VICENTE - DESCRIÇÃO: EMPREENDIMENTO: CONDOMÍNIO SÃO VICENTE, APARTAMENTO, 43,90 M2 DE ÁREA PRIVATIVA, 2 QTS, WC, SALA, COZINHA, 1 VAGA DE GARAGEM. IPTU: 731/15522 MATRÍCULA: 84.730 OFÍCIO: 1 - AVALIAÇÃO: R$ 150.000,00 - VALOR DE VENDA: R$ 115.912,66 - REFERÊNCIA: 8555531241117. LOTE 363 - ESTADO: SC - CIDADE: JOINVILLE - ENDEREÇO: RUA ANTÔNIO RAMOS ALVIM N. 300 APTO. 104, BLOCO 03 - BAIRRO: ITAUM - DESCRIÇÃO: EMPREENDIMENTO: RESIDENCIAL ITAUM, APARTAMENTO, 44,20 M2 DE ÁREA PRIVATIVA, 2 QTS, WC, SALA, COZINHA, 1 VAGA DE GARAGEM. IPTU: 810/09381 MATRÍCULA: 152.668 OFÍCIO: 2 - AVALIAÇÃO: R$ 190.000,00 - VALOR DE VENDA: R$ 146.835,02 - REFERÊNCIA: 8444473633342. LOTE 364 - ESTADO: SC - CIDADE: PALHOÇA - ENDEREÇO: RUA JOSÉ MARIA DA LUZ N. 250 APTO. 201, BLOCO 02 - BAIRRO: PASSA VINTE - DESCRIÇÃO: EMPREENDIMENTO: CONDOMÍNIO PASSA VINTE, APARTAMENTO, 43,35 M2 DE ÁREA PRIVATIVA, 2 QTS, WC, SALA, COZINHA, 1 VAGA DE GARAGEM. IPTU: 822/17744 MATRÍCULA: 61.905 OFÍCIO: 1 - AVALIAÇÃO: R$ 185.000,00 - VALOR DE VENDA: R$ 142.996,18 - REFERÊNCIA: 8555531241280. LOTE 365 - ESTADO: SP - CIDADE: CAMPINAS - ENDEREÇO: RUA JOÃO DE SOUZA N. 150 APTO. 302, BLOCO 01 - BAIRRO: JARDIM IPAUSSURAMA - DESCRIÇÃO: EMPREENDIMENTO: RESIDENCIAL IPAUSSURAMA, APARTAMENTO, 45,40 M2 DE ÁREA PRIVATIVA, 2 QTS, WC, SALA, COZINHA, 1 VAGA DE GARAGEM. IPTU: 901/33210 MATRÍCULA: 201.337 OFÍCIO: 3 - AVALIAÇÃO: R$ 210.000,00 - VALOR DE VENDA: R$ 162.298,41 - REFERÊNCIA: 8444473633505. LOTE 366 - ESTADO: SP - CIDADE: SÃO PAULO - ENDEREÇO: ESTRADA DO IPIRANGA N. 700 APTO. 405, BLOCO 06 - BAIRRO: JARDIM SÃO SAVÉRIO - DESCRIÇÃO: EMPREENDIMENTO: CONDOMÍNIO SÃO SAVÉRIO, APARTAMENTO, 42,55 M2 DE ÁREA PRIVATIVA, 2 QTS, WC, SALA, COZINHA, 1 VAGA DE GARAGEM. IPTU: 173.112.0045-1 MATRÍCULA: 288.410 OFÍCIO: 6 - AVALIAÇÃO: R$ 230.000,00 - VALOR DE VENDA: R$ 177.754,03 - REFERÊNCIA: 8555531241443.
